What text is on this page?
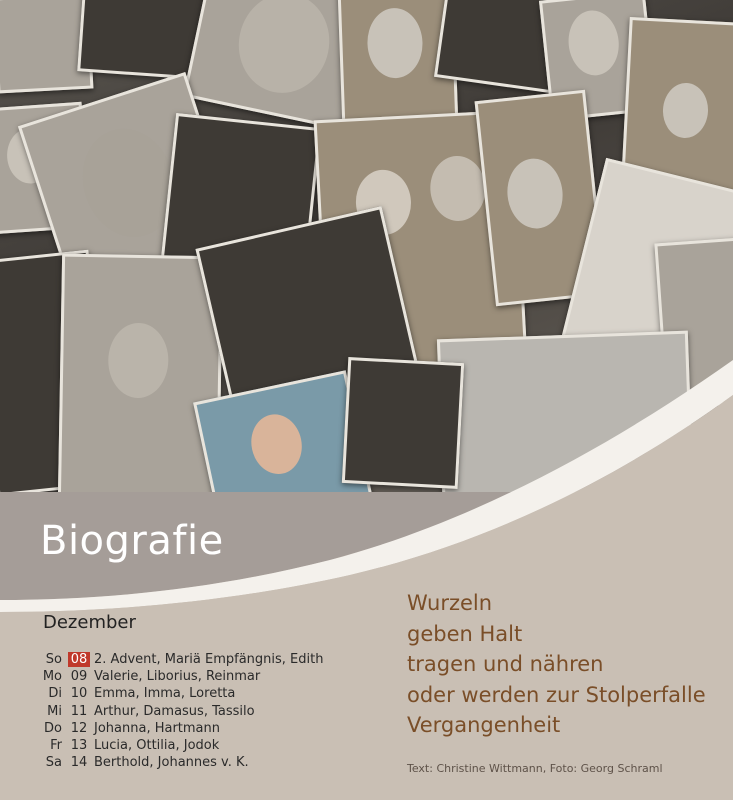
Biografie
Dezember
So 08 2. Advent, Mariä Empfängnis, Edith
Mo 09 Valerie, Liborius, Reinmar
Di 10 Emma, Imma, Loretta
Mi 11 Arthur, Damasus, Tassilo
Do 12 Johanna, Hartmann
Fr 13 Lucia, Ottilia, Jodok
Sa 14 Berthold, Johannes v. K.
Wurzeln
geben Halt
tragen und nähren
oder werden zur Stolperfalle
Vergangenheit
Text: Christine Wittmann, Foto: Georg Schraml
